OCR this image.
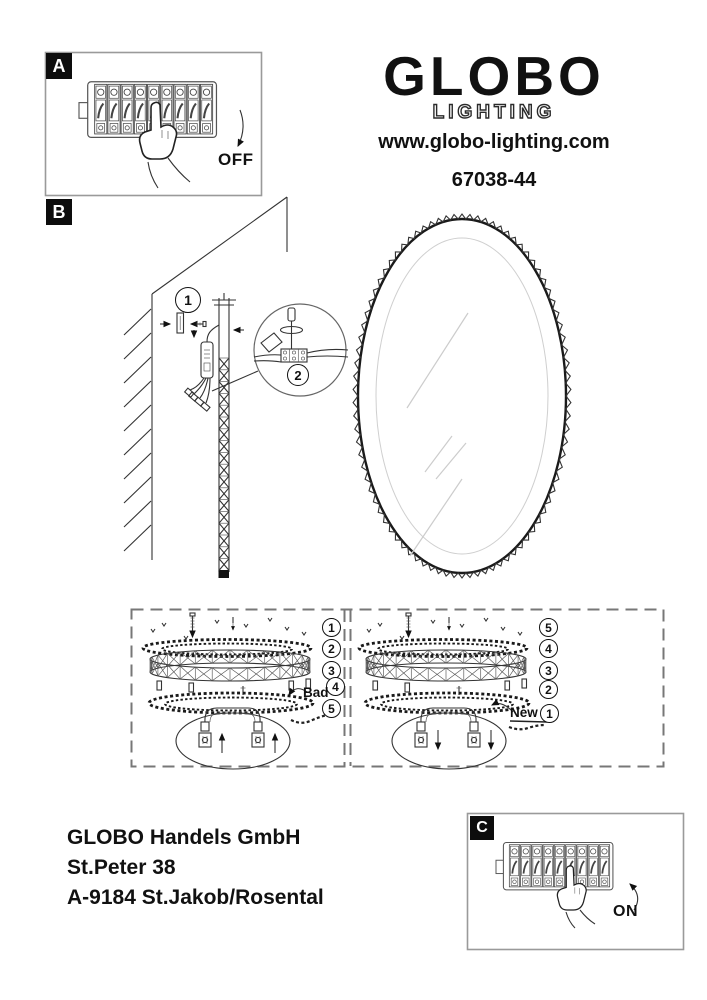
A
OFF
B
1
2
GLOBO
LIGHTING
www.globo-lighting.com
67038-44
1
2
3
4
5
Bad
5
4
3
2
1
New
GLOBO Handels GmbH
St.Peter 38
A-9184 St.Jakob/Rosental
C
ON
